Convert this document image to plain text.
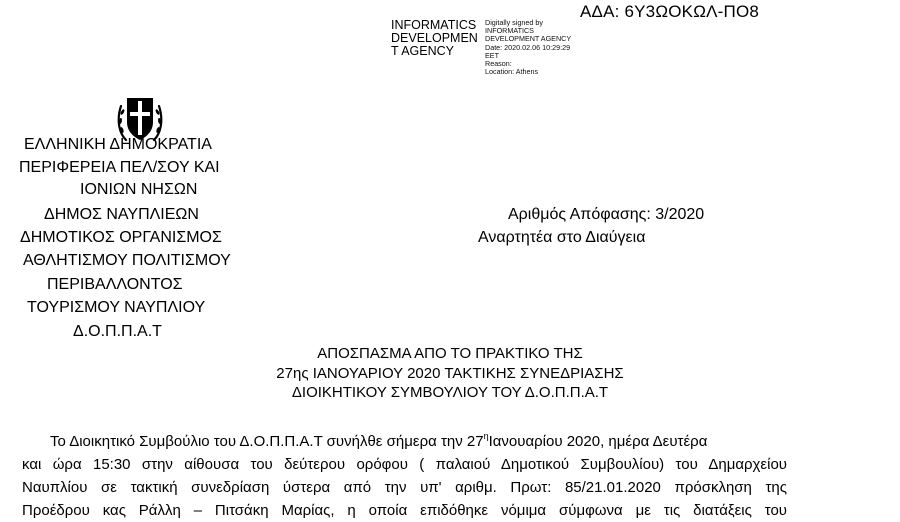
ΑΔΑ: 6Υ3ΩΟΚΩΛ-ΠΟ8
INFORMATICS
DEVELOPMEN
T AGENCY
Digitally signed by
INFORMATICS
DEVELOPMENT AGENCY
Date: 2020.02.06 10:29:29
EET
Reason:
Location: Athens
ΕΛΛΗΝΙΚΗ ΔΗΜΟΚΡΑΤΙΑ
ΠΕΡΙΦΕΡΕΙΑ ΠΕΛ/ΣΟΥ ΚΑΙ
ΙΟΝΙΩΝ ΝΗΣΩΝ
ΔΗΜΟΣ ΝΑΥΠΛΙΕΩΝ
ΔΗΜΟΤΙΚΟΣ ΟΡΓΑΝΙΣΜΟΣ
ΑΘΛΗΤΙΣΜΟΥ ΠΟΛΙΤΙΣΜΟΥ
ΠΕΡΙΒΑΛΛΟΝΤΟΣ
ΤΟΥΡΙΣΜΟΥ ΝΑΥΠΛΙΟΥ
Δ.Ο.Π.Π.Α.Τ
Αριθμός Απόφασης: 3/2020
Αναρτητέα στο Διαύγεια
ΑΠΟΣΠΑΣΜΑ ΑΠΟ ΤΟ ΠΡΑΚΤΙΚΟ ΤΗΣ
27ης ΙΑΝΟΥΑΡΙΟΥ 2020 ΤΑΚΤΙΚΗΣ ΣΥΝΕΔΡΙΑΣΗΣ
ΔΙΟΙΚΗΤΙΚΟΥ ΣΥΜΒΟΥΛΙΟΥ ΤΟΥ Δ.Ο.Π.Π.Α.Τ
Το Διοικητικό Συμβούλιο του Δ.Ο.Π.Π.Α.Τ συνήλθε σήμερα την $27^\eta I\alpha\nu o\upsilon\alpha\rho ίo\upsilon$ 2020, ημέρα Δευτέρα
και ώρα 15:30 στην αίθουσα του δεύτερου ορόφου ( παλαιού Δημοτικού Συμβουλίου) του Δημαρχείου
Ναυπλίου σε τακτική συνεδρίαση ύστερα από την υπ' αριθμ. Πρωτ: 85/21.01.2020 πρόσκληση της
Προέδρου κας Ράλλη – Πιτσάκη Μαρίας, η οποία επιδόθηκε νόμιμα σύμφωνα με τις διατάξεις του
